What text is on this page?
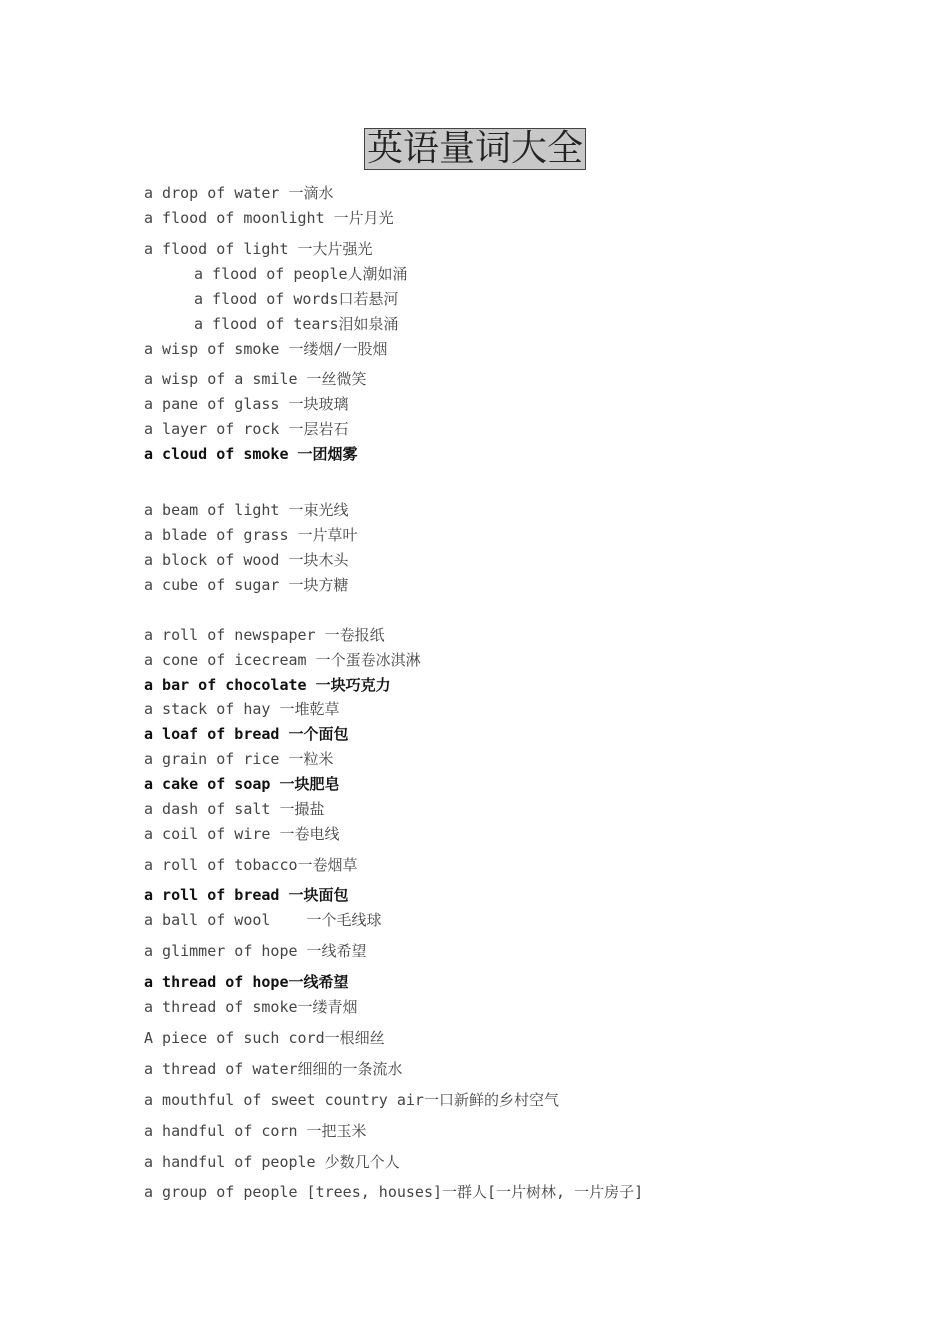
英语量词大全
a drop of water 一滴水
a flood of moonlight 一片月光
a flood of light 一大片强光
a flood of people人潮如涌
a flood of words口若悬河
a flood of tears泪如泉涌
a wisp of smoke 一缕烟/一股烟
a wisp of a smile 一丝微笑
a pane of glass 一块玻璃
a layer of rock 一层岩石
a cloud of smoke 一团烟雾
a beam of light 一束光线
a blade of grass 一片草叶
a block of wood 一块木头
a cube of sugar 一块方糖
a roll of newspaper 一卷报纸
a cone of icecream 一个蛋卷冰淇淋
a bar of chocolate 一块巧克力
a stack of hay 一堆乾草
a loaf of bread 一个面包
a grain of rice 一粒米
a cake of soap 一块肥皂
a dash of salt 一撮盐
a coil of wire 一卷电线
a roll of tobacco一卷烟草
a roll of bread 一块面包
a ball of wool    一个毛线球
a glimmer of hope 一线希望
a thread of hope一线希望
a thread of smoke一缕青烟
A piece of such cord一根细丝
a thread of water细细的一条流水
a mouthful of sweet country air一口新鲜的乡村空气
a handful of corn 一把玉米
a handful of people 少数几个人
a group of people [trees, houses]一群人[一片树林, 一片房子]
